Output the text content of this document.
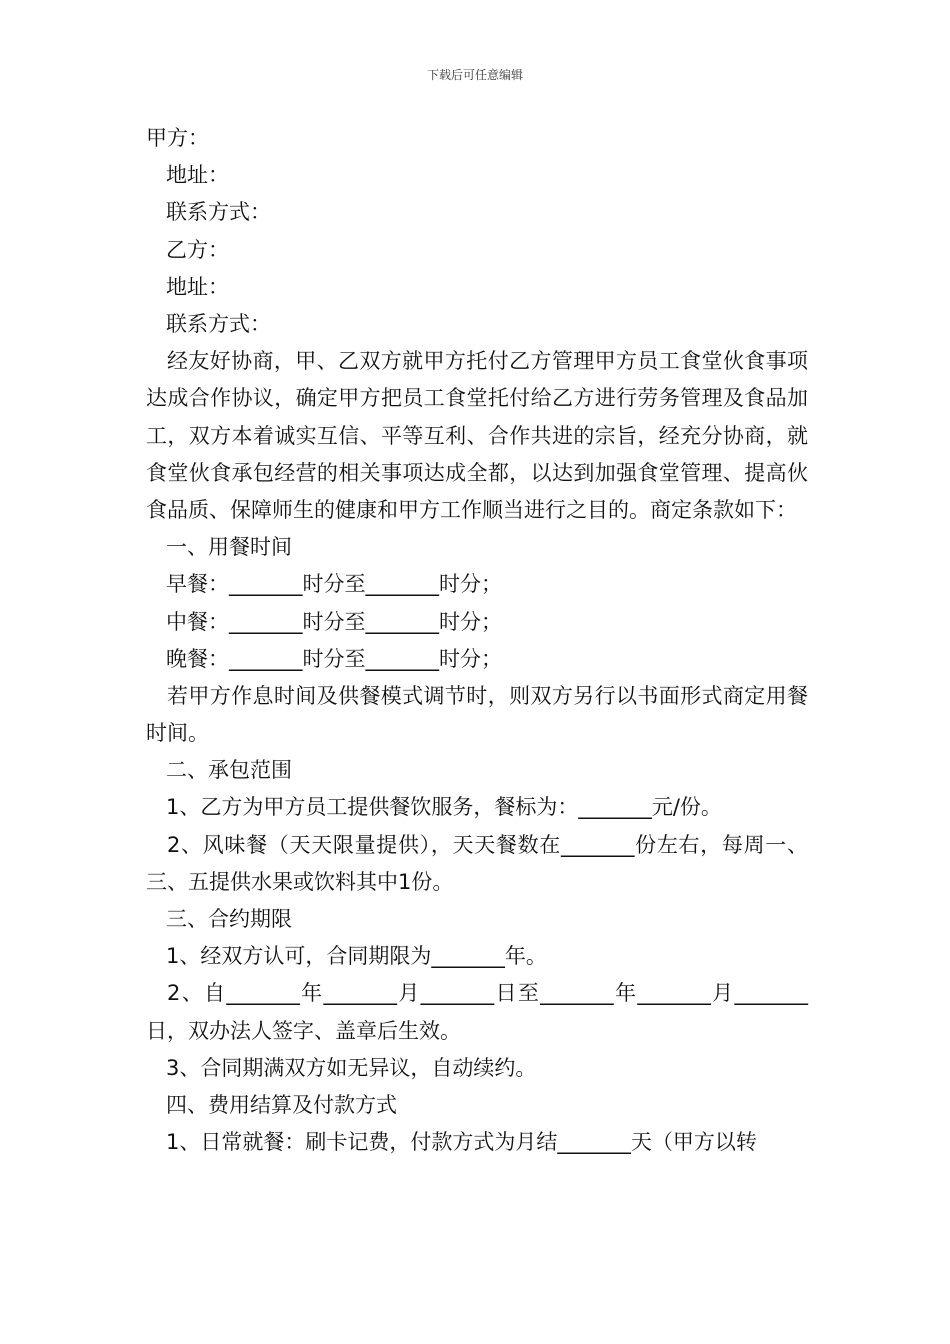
下载后可任意编辑
甲方：
地址：
联系方式：
乙方：
地址：
联系方式：
经友好协商，甲、乙双方就甲方托付乙方管理甲方员工食堂伙食事项达成合作协议，确定甲方把员工食堂托付给乙方进行劳务管理及食品加工，双方本着诚实互信、平等互利、合作共进的宗旨，经充分协商，就食堂伙食承包经营的相关事项达成全都，以达到加强食堂管理、提高伙食品质、保障师生的健康和甲方工作顺当进行之目的。商定条款如下：
一、用餐时间
早餐：_______时分至_______时分；
中餐：_______时分至_______时分；
晚餐：_______时分至_______时分；
若甲方作息时间及供餐模式调节时，则双方另行以书面形式商定用餐时间。
二、承包范围
1、乙方为甲方员工提供餐饮服务，餐标为：_______元/份。
2、风味餐（天天限量提供），天天餐数在_______份左右，每周一、三、五提供水果或饮料其中1份。
三、合约期限
1、经双方认可，合同期限为_______年。
2、自_______年_______月_______日至_______年_______月_______日，双办法人签字、盖章后生效。
3、合同期满双方如无异议，自动续约。
四、费用结算及付款方式
1、日常就餐：刷卡记费，付款方式为月结_______天（甲方以转
